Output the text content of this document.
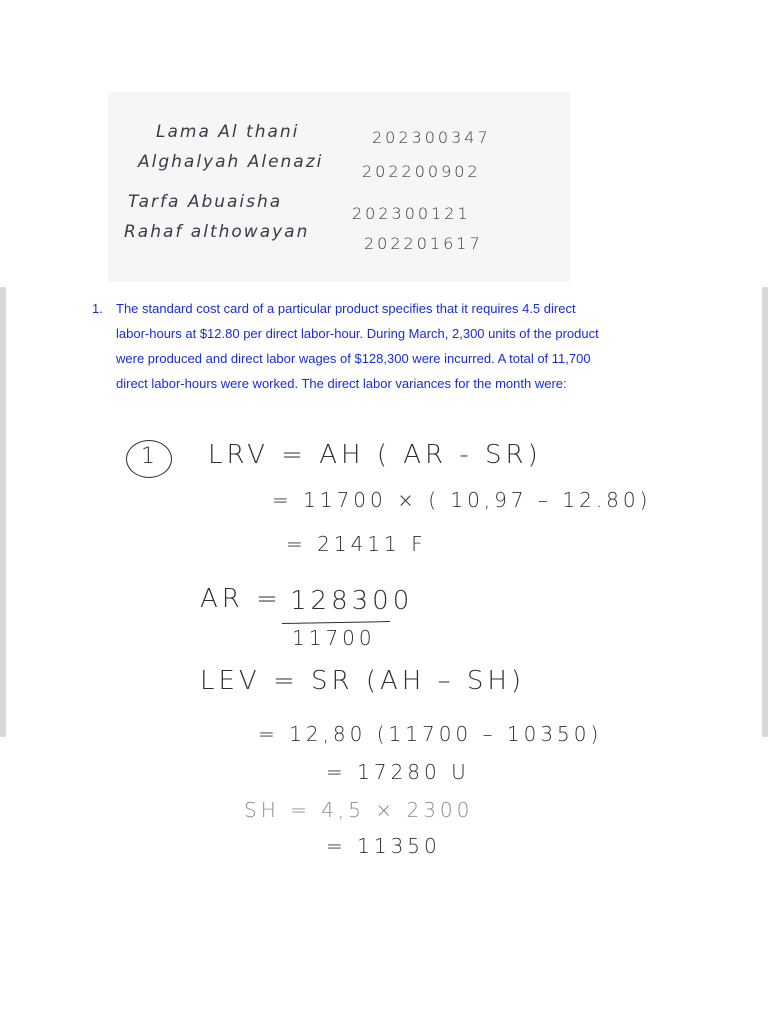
Lama Al thani	202300347
Alghalyah Alenazi 202200902
Tarfa Abuaisha
202300121
Rahaf althowayan
202201617
1. The standard cost card of a particular product specifies that it requires 4.5 direct
labor-hours at $12.80 per direct labor-hour. During March, 2,300 units of the product
were produced and direct labor wages of $128,300 were incurred. A total of 11,700
direct labor-hours were worked. The direct labor variances for the month were:
1 LRV = AH ( AR - SR)
= 11700 × ( 10,97 – 12.80)
= 21411 F
AR = 128300
11700
LEV = SR (AH – SH)
= 12,80 (11700 – 10350)
= 17280 U
SH = 4,5 × 2300
= 11350
